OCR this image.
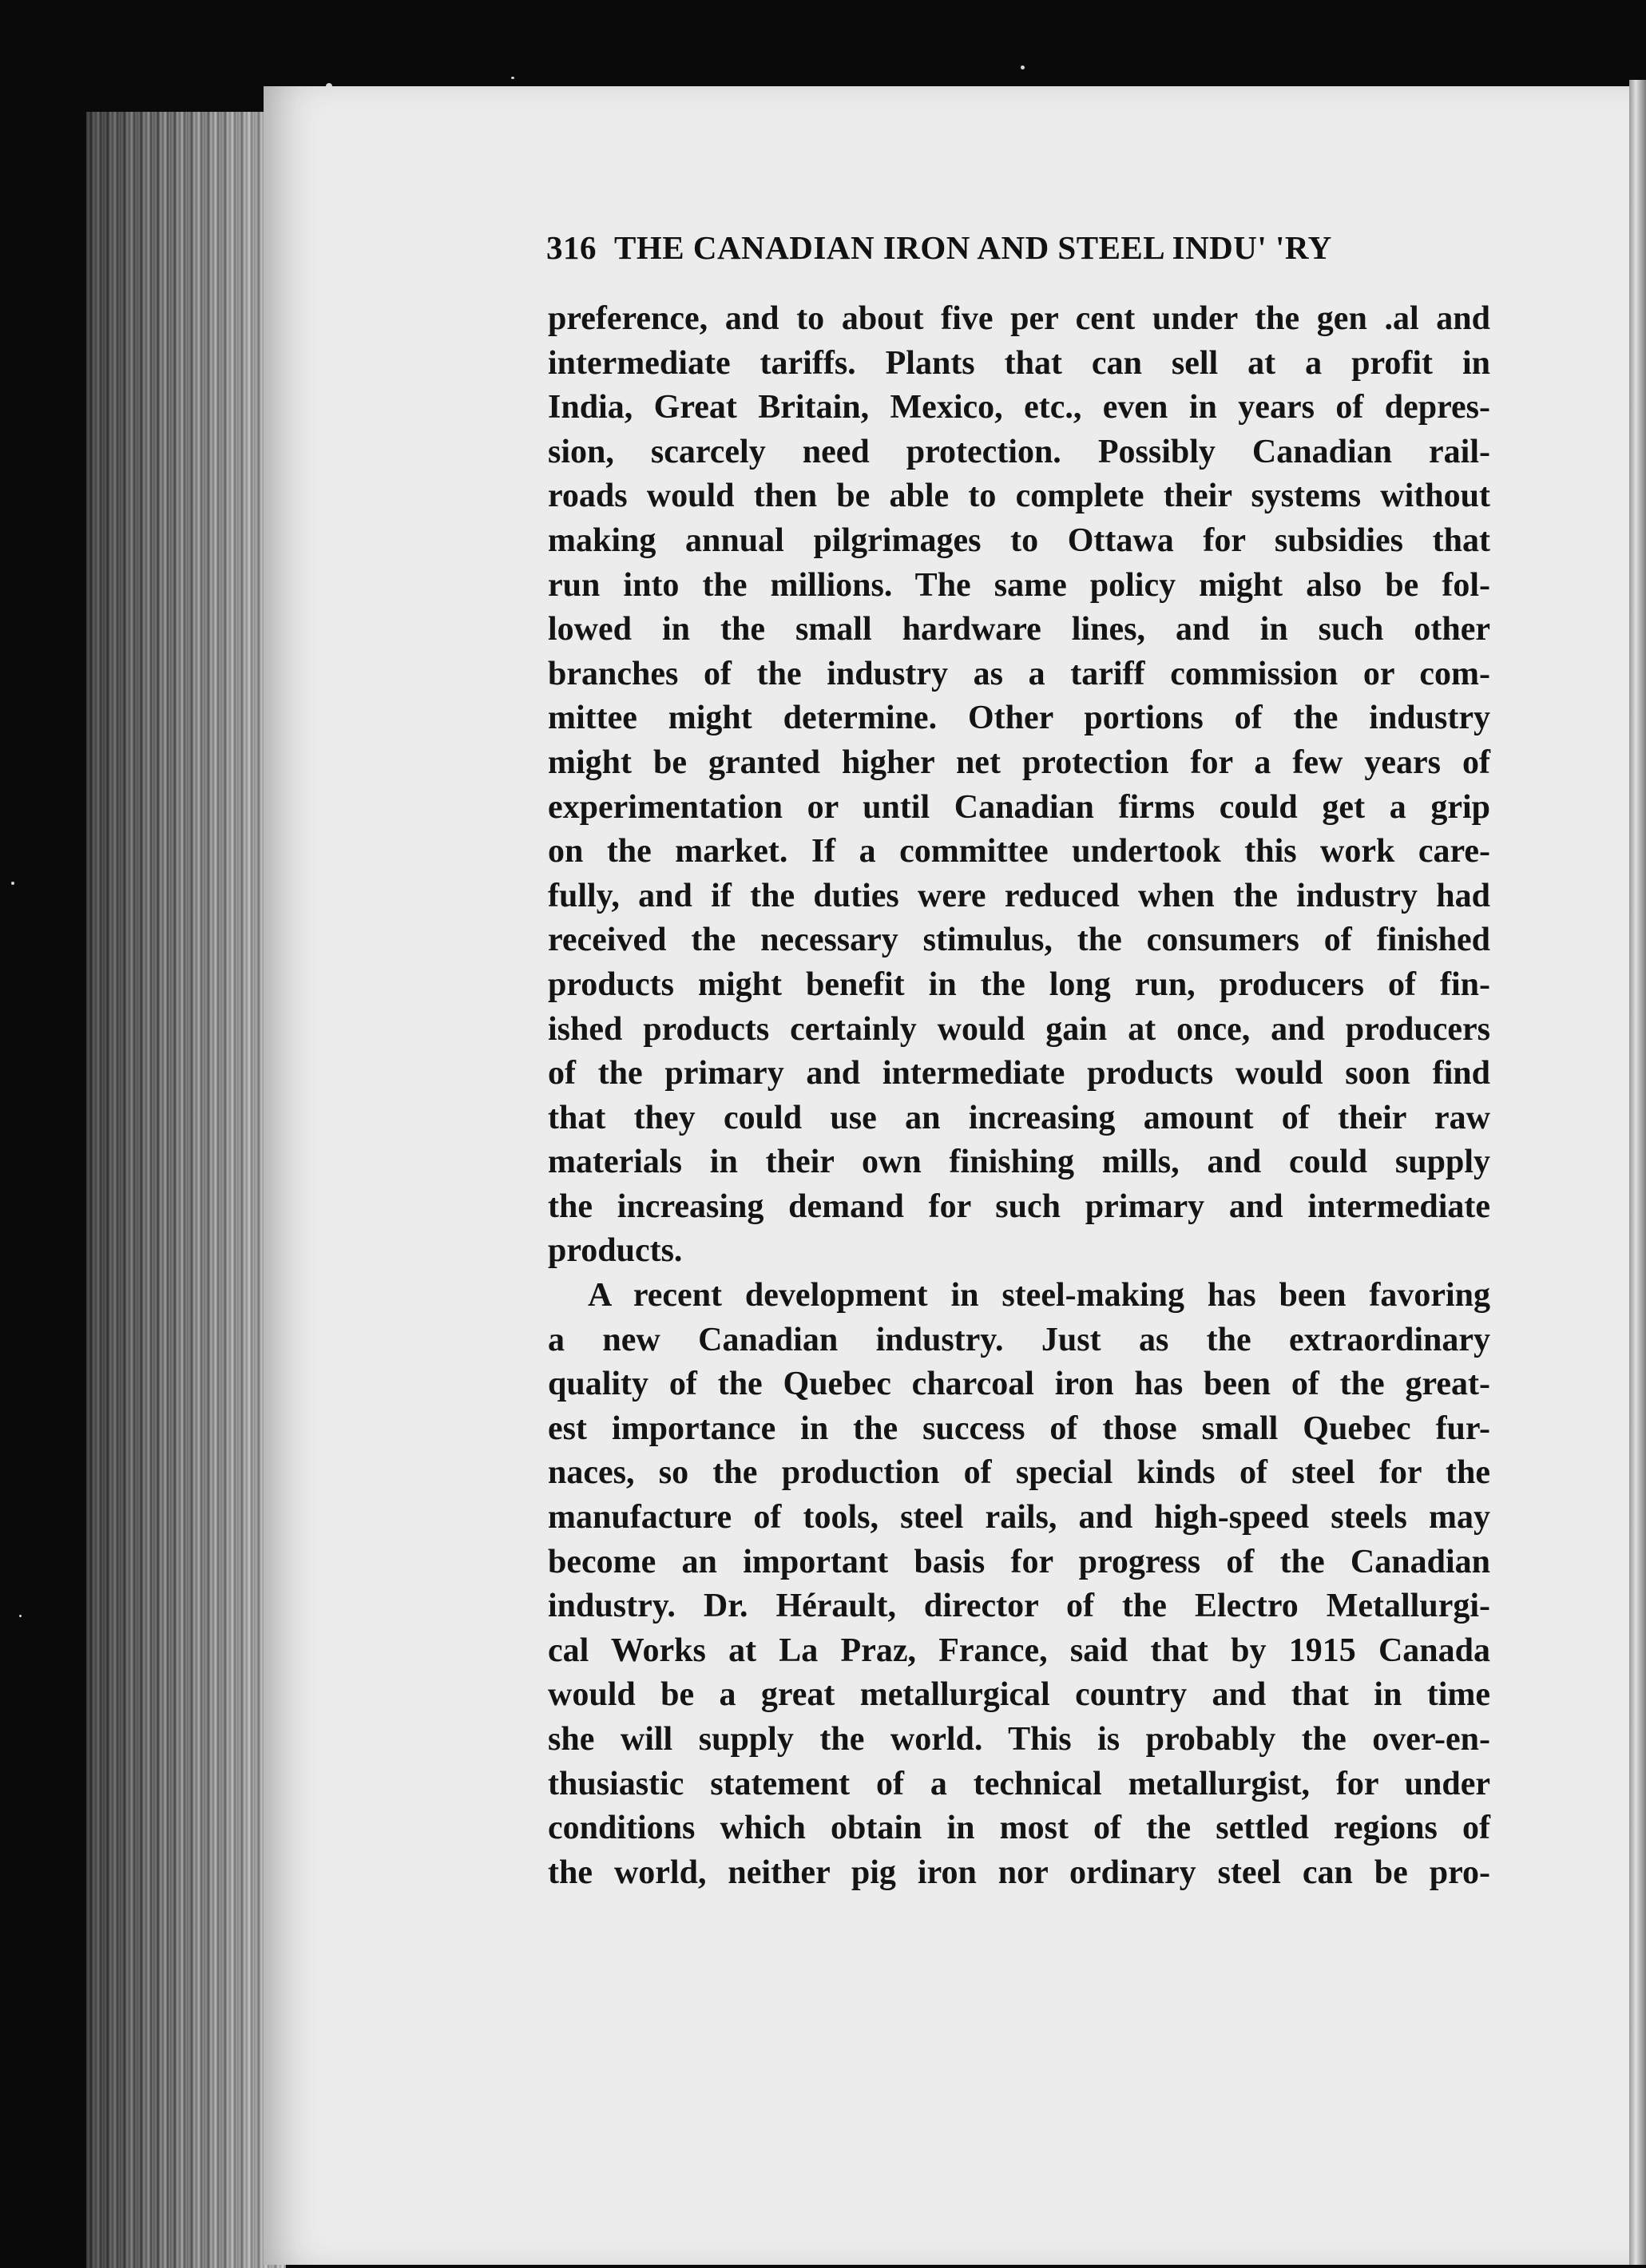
316 THE CANADIAN IRON AND STEEL INDU' 'RY
preference, and to about five per cent under the gen .al and
intermediate tariffs. Plants that can sell at a profit in
India, Great Britain, Mexico, etc., even in years of depres-
sion, scarcely need protection. Possibly Canadian rail-
roads would then be able to complete their systems without
making annual pilgrimages to Ottawa for subsidies that
run into the millions. The same policy might also be fol-
lowed in the small hardware lines, and in such other
branches of the industry as a tariff commission or com-
mittee might determine. Other portions of the industry
might be granted higher net protection for a few years of
experimentation or until Canadian firms could get a grip
on the market. If a committee undertook this work care-
fully, and if the duties were reduced when the industry had
received the necessary stimulus, the consumers of finished
products might benefit in the long run, producers of fin-
ished products certainly would gain at once, and producers
of the primary and intermediate products would soon find
that they could use an increasing amount of their raw
materials in their own finishing mills, and could supply
the increasing demand for such primary and intermediate
products.
A recent development in steel-making has been favoring
a new Canadian industry. Just as the extraordinary
quality of the Quebec charcoal iron has been of the great-
est importance in the success of those small Quebec fur-
naces, so the production of special kinds of steel for the
manufacture of tools, steel rails, and high-speed steels may
become an important basis for progress of the Canadian
industry. Dr. Hérault, director of the Electro Metallurgi-
cal Works at La Praz, France, said that by 1915 Canada
would be a great metallurgical country and that in time
she will supply the world. This is probably the over-en-
thusiastic statement of a technical metallurgist, for under
conditions which obtain in most of the settled regions of
the world, neither pig iron nor ordinary steel can be pro-
